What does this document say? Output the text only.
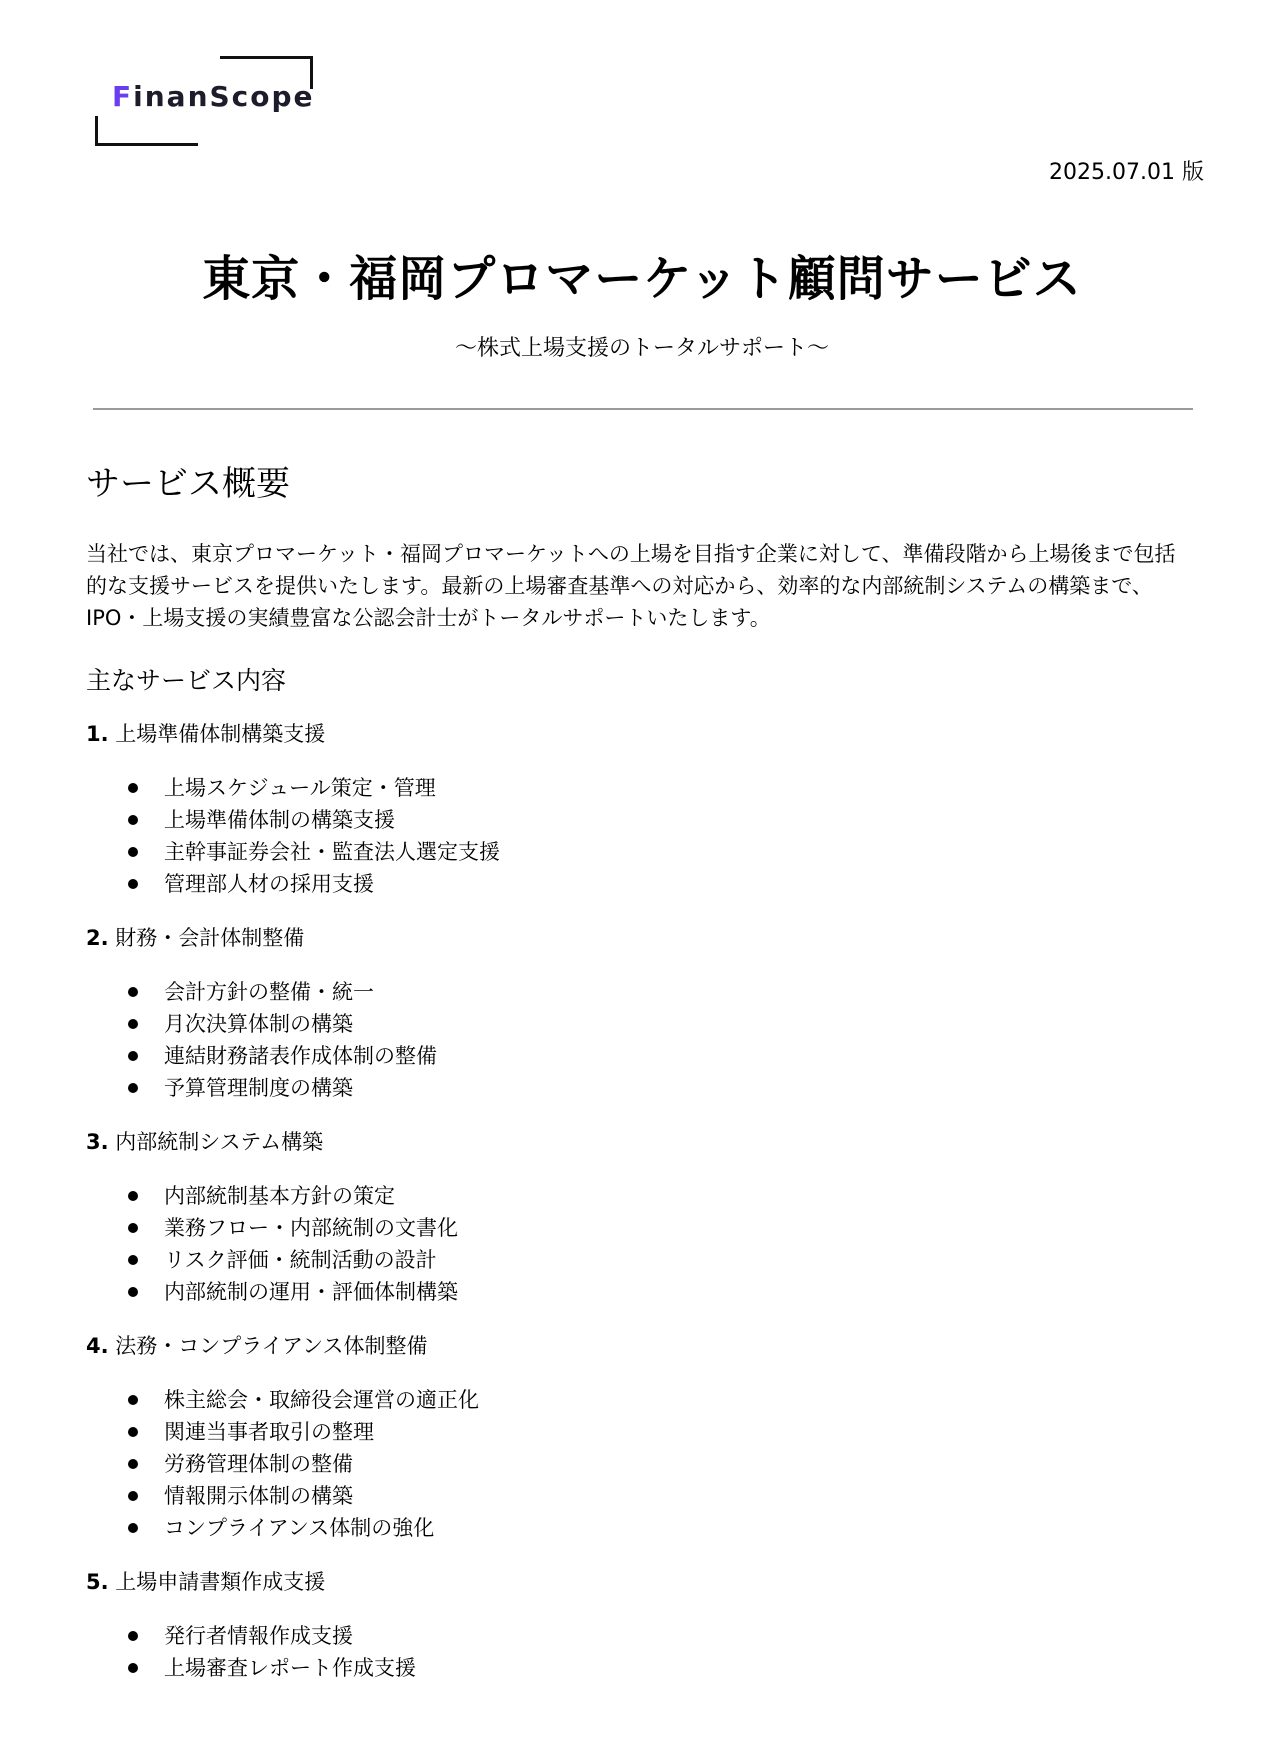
FinanScope
2025.07.01 版
東京・福岡プロマーケット顧問サービス
〜株式上場支援のトータルサポート〜
サービス概要

当社では、東京プロマーケット・福岡プロマーケットへの上場を目指す企業に対して、準備段階から上場後まで包括的な支援サービスを提供いたします。最新の上場審査基準への対応から、効率的な内部統制システムの構築まで、IPO・上場支援の実績豊富な公認会計士がトータルサポートいたします。

主なサービス内容
1. 上場準備体制構築支援
上場スケジュール策定・管理
上場準備体制の構築支援
主幹事証券会社・監査法人選定支援
管理部人材の採用支援
2. 財務・会計体制整備
会計方針の整備・統一
月次決算体制の構築
連結財務諸表作成体制の整備
予算管理制度の構築
3. 内部統制システム構築
内部統制基本方針の策定
業務フロー・内部統制の文書化
リスク評価・統制活動の設計
内部統制の運用・評価体制構築
4. 法務・コンプライアンス体制整備
株主総会・取締役会運営の適正化
関連当事者取引の整理
労務管理体制の整備
情報開示体制の構築
コンプライアンス体制の強化
5. 上場申請書類作成支援
発行者情報作成支援
上場審査レポート作成支援
